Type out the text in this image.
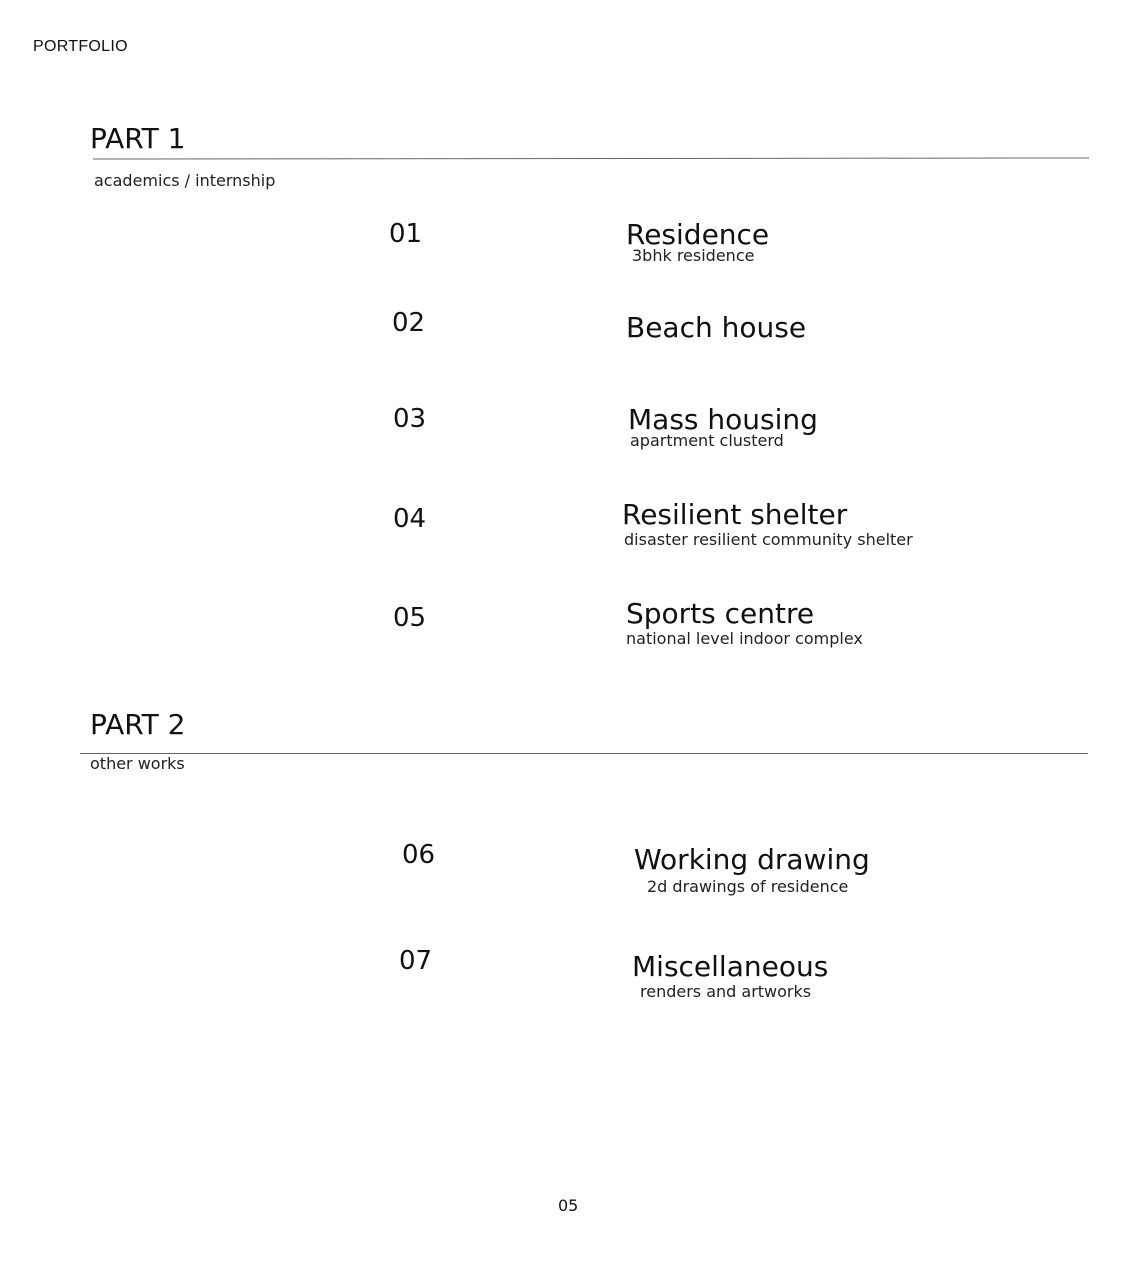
PORTFOLIO
PART 1
academics / internship
01	Residence
3bhk residence
02	Beach house
03	Mass housing
apartment clusterd
04	Resilient shelter
disaster resilient community shelter
05	Sports centre
national level indoor complex
PART 2
other works
06	Working drawing
2d drawings of residence
07	Miscellaneous
renders and artworks
05
